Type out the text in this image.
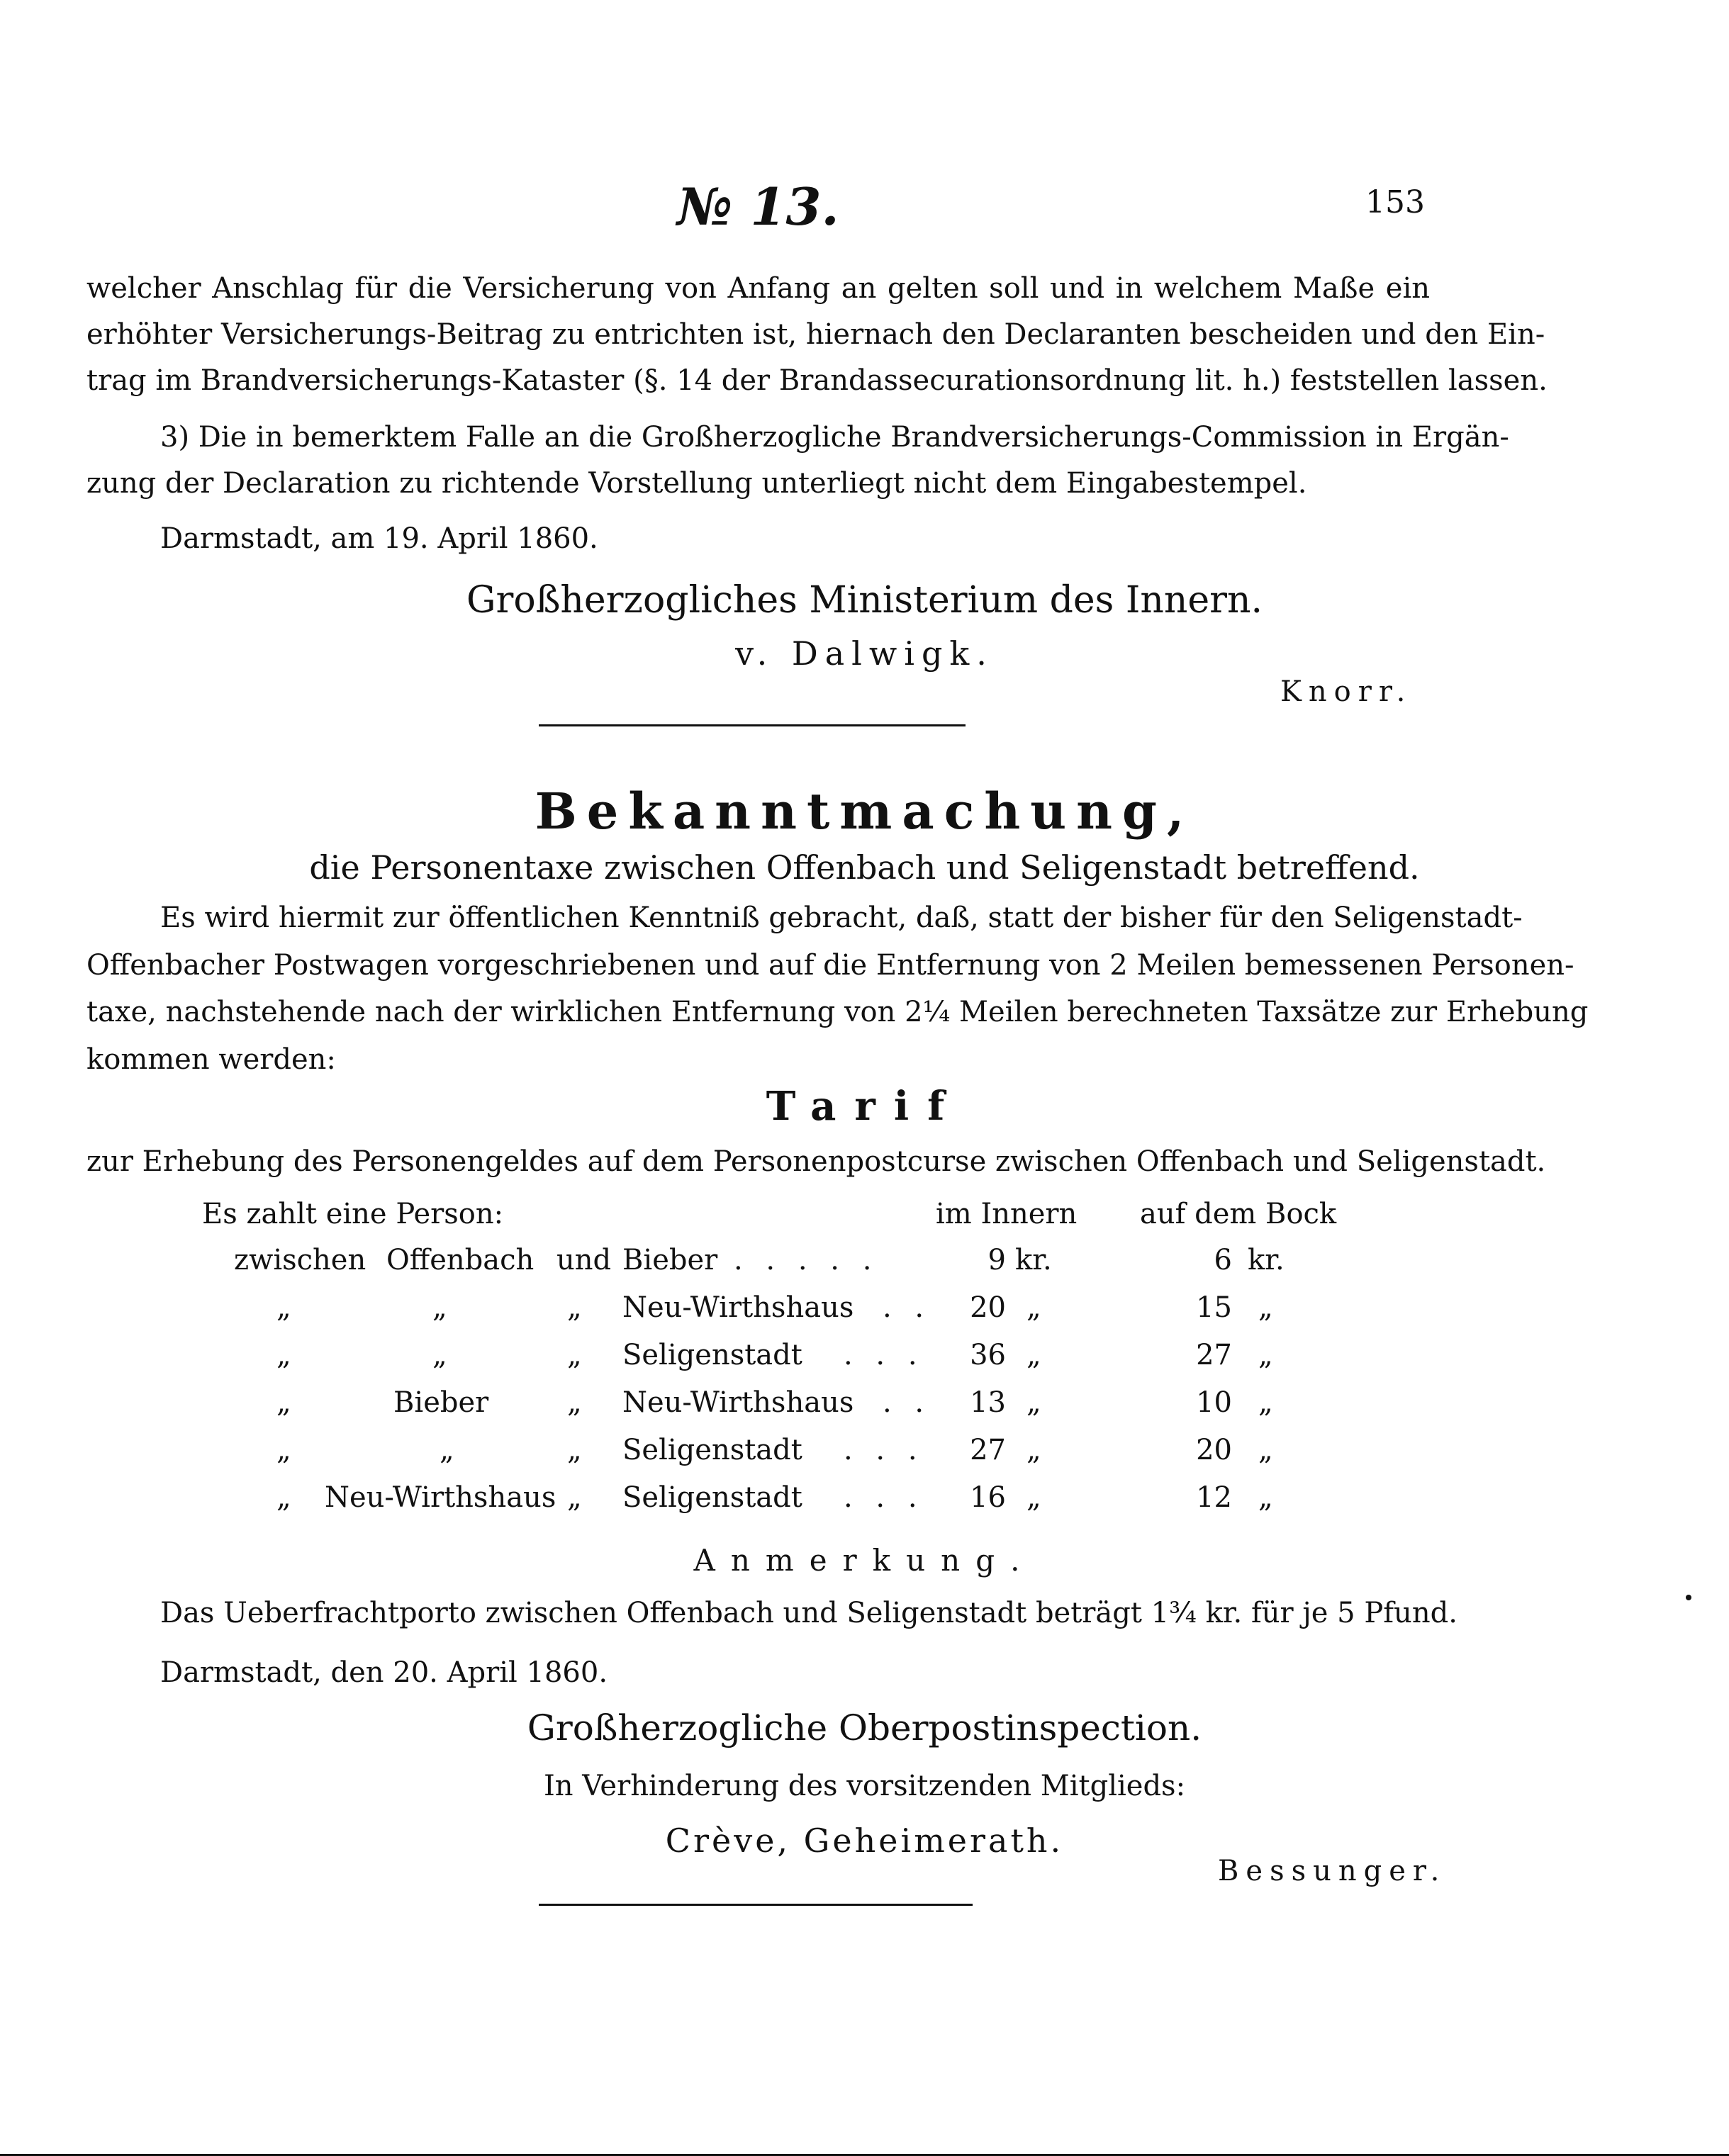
№ 13.	153
welcher Anschlag für die Versicherung von Anfang an gelten soll und in welchem Maße ein
erhöhter Versicherungs-Beitrag zu entrichten ist, hiernach den Declaranten bescheiden und den Ein-
trag im Brandversicherungs-Kataster (§. 14 der Brandassecurationsordnung lit. h.) feststellen lassen.
3) Die in bemerktem Falle an die Großherzogliche Brandversicherungs-Commission in Ergän-
zung der Declaration zu richtende Vorstellung unterliegt nicht dem Eingabestempel.
Darmstadt, am 19. April 1860.
Großherzogliches Ministerium des Innern.
v. Dalwigk.
Knorr.
Bekanntmachung,
die Personentaxe zwischen Offenbach und Seligenstadt betreffend.
Es wird hiermit zur öffentlichen Kenntniß gebracht, daß, statt der bisher für den Seligenstadt-
Offenbacher Postwagen vorgeschriebenen und auf die Entfernung von 2 Meilen bemessenen Personen-
taxe, nachstehende nach der wirklichen Entfernung von 2¼ Meilen berechneten Taxsätze zur Erhebung
kommen werden:
Tarif
zur Erhebung des Personengeldes auf dem Personenpostcurse zwischen Offenbach und Seligenstadt.
Es zahlt eine Person:	im Innern auf dem Bock
zwischen Offenbach und Bieber . . . . .	9 kr.	6 kr.
„	„	„ Neu-Wirthshaus . . 20 „	15 „
„	„	„ Seligenstadt . . . 36 „	27 „
„	Bieber	„ Neu-Wirthshaus . . 13 „	10 „
„	„	„ Seligenstadt . . . 27 „	20 „
„ Neu-Wirthshaus „ Seligenstadt . . . 16 „	12 „
Anmerkung.
Das Ueberfrachtporto zwischen Offenbach und Seligenstadt beträgt 1¾ kr. für je 5 Pfund.
Darmstadt, den 20. April 1860.
Großherzogliche Oberpostinspection.
In Verhinderung des vorsitzenden Mitglieds:
Crève, Geheimerath.
Bessunger.
